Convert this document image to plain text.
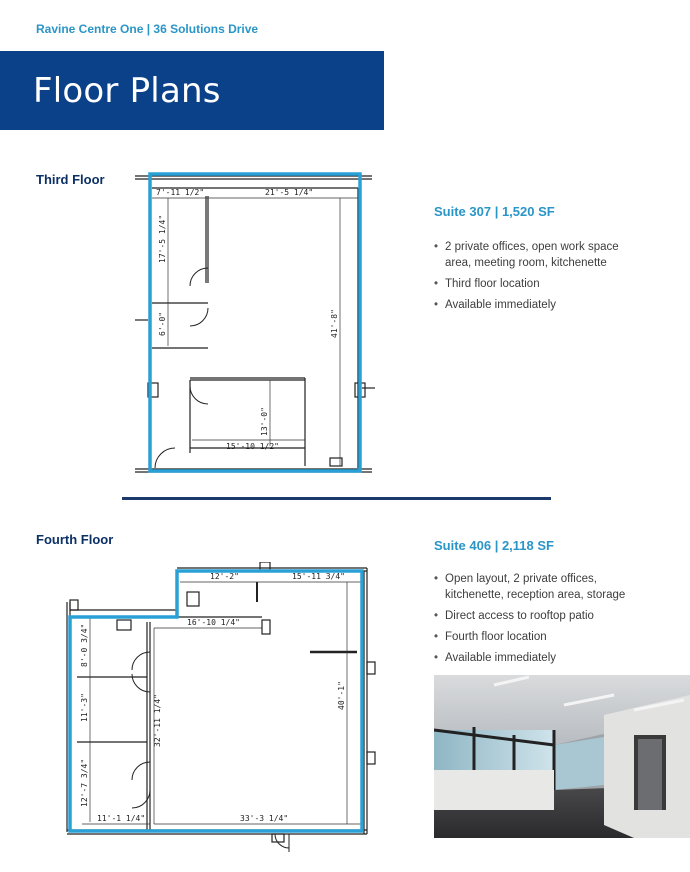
Ravine Centre One | 36 Solutions Drive
Floor Plans
Third Floor
7'-11 1/2"	21'-5 1/4"
17'-5 1/4"
6'-0"	41'-8"
13'-0"
15'-10 1/2"
Suite 307 | 1,520 SF
• 2 private offices, open work space area, meeting room, kitchenette
• Third floor location
• Available immediately
Fourth Floor
12'-2"	15'-11 3/4"
16'-10 1/4"
8'-0 3/4"
11'-3"	32'-11 1/4"	40'-1"
12'-7 3/4"
11'-1 1/4"	33'-3 1/4"
Suite 406 | 2,118 SF
• Open layout, 2 private offices, kitchenette, reception area, storage
• Direct access to rooftop patio
• Fourth floor location
• Available immediately
